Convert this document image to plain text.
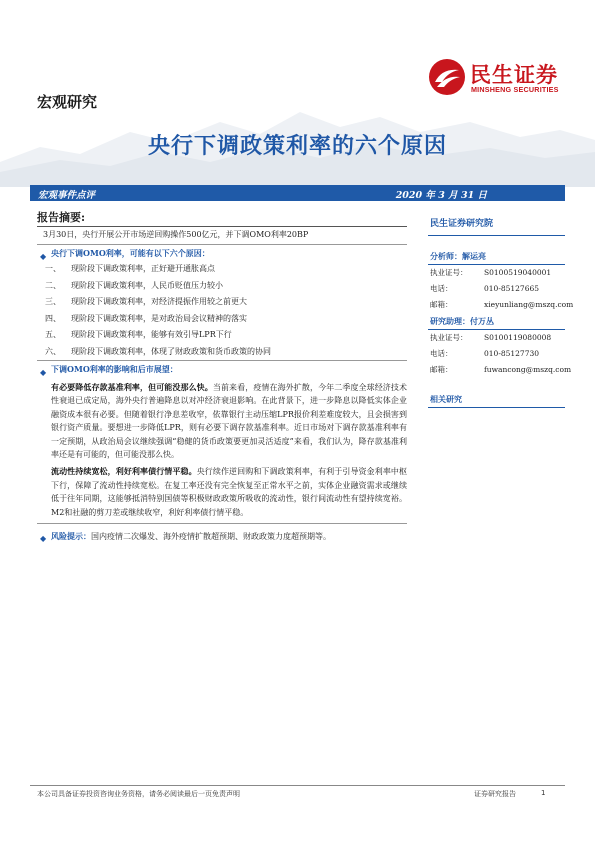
民生证券
MINSHENG SECURITIES
宏观研究
央行下调政策利率的六个原因
宏观事件点评	2020 年 3 月 31 日
报告摘要:
3月30日，央行开展公开市场逆回购操作500亿元，并下调OMO利率20BP
◆ 央行下调OMO利率，可能有以下六个原因：
一、 现阶段下调政策利率，正好避开通胀高点
二、 现阶段下调政策利率，人民币贬值压力较小
三、 现阶段下调政策利率，对经济提振作用较之前更大
四、 现阶段下调政策利率，是对政治局会议精神的落实
五、 现阶段下调政策利率，能够有效引导LPR下行
六、 现阶段下调政策利率，体现了财政政策和货币政策的协同
◆ 下调OMO利率的影响和后市展望：
有必要降低存款基准利率，但可能没那么快。当前来看，疫情在海外扩散，今年二季度全球经济技术性衰退已成定局，海外央行普遍降息以对冲经济衰退影响。在此背景下，进一步降息以降低实体企业融资成本很有必要。但随着银行净息差收窄，依靠银行主动压缩LPR报价利差难度较大，且会损害到银行资产质量。要想进一步降低LPR，则有必要下调存款基准利率。近日市场对下调存款基准利率有一定预期，从政治局会议继续强调“稳健的货币政策要更加灵活适度”来看，我们认为，降存款基准利率还是有可能的，但可能没那么快。
流动性持续宽松，利好利率债行情平稳。央行续作逆回购和下调政策利率，有利于引导资金利率中枢下行，保障了流动性持续宽松。在复工率还没有完全恢复至正常水平之前，实体企业融资需求或继续低于往年同期，这能够抵消特别国债等积极财政政策所吸收的流动性，银行间流动性有望持续宽裕。M2和社融的剪刀差或继续收窄，利好利率债行情平稳。
◆ 风险提示：国内疫情二次爆发、海外疫情扩散超预期、财政政策力度超预期等。
民生证券研究院
分析师：解运亮
执业证号： S0100519040001
电话：	010-85127665
邮箱：	xieyunliang@mszq.com
研究助理：付万丛
执业证号： S0100119080008
电话：	010-85127730
邮箱：	fuwancong@mszq.com
相关研究
本公司具备证券投资咨询业务资格，请务必阅读最后一页免责声明	证券研究报告	1
